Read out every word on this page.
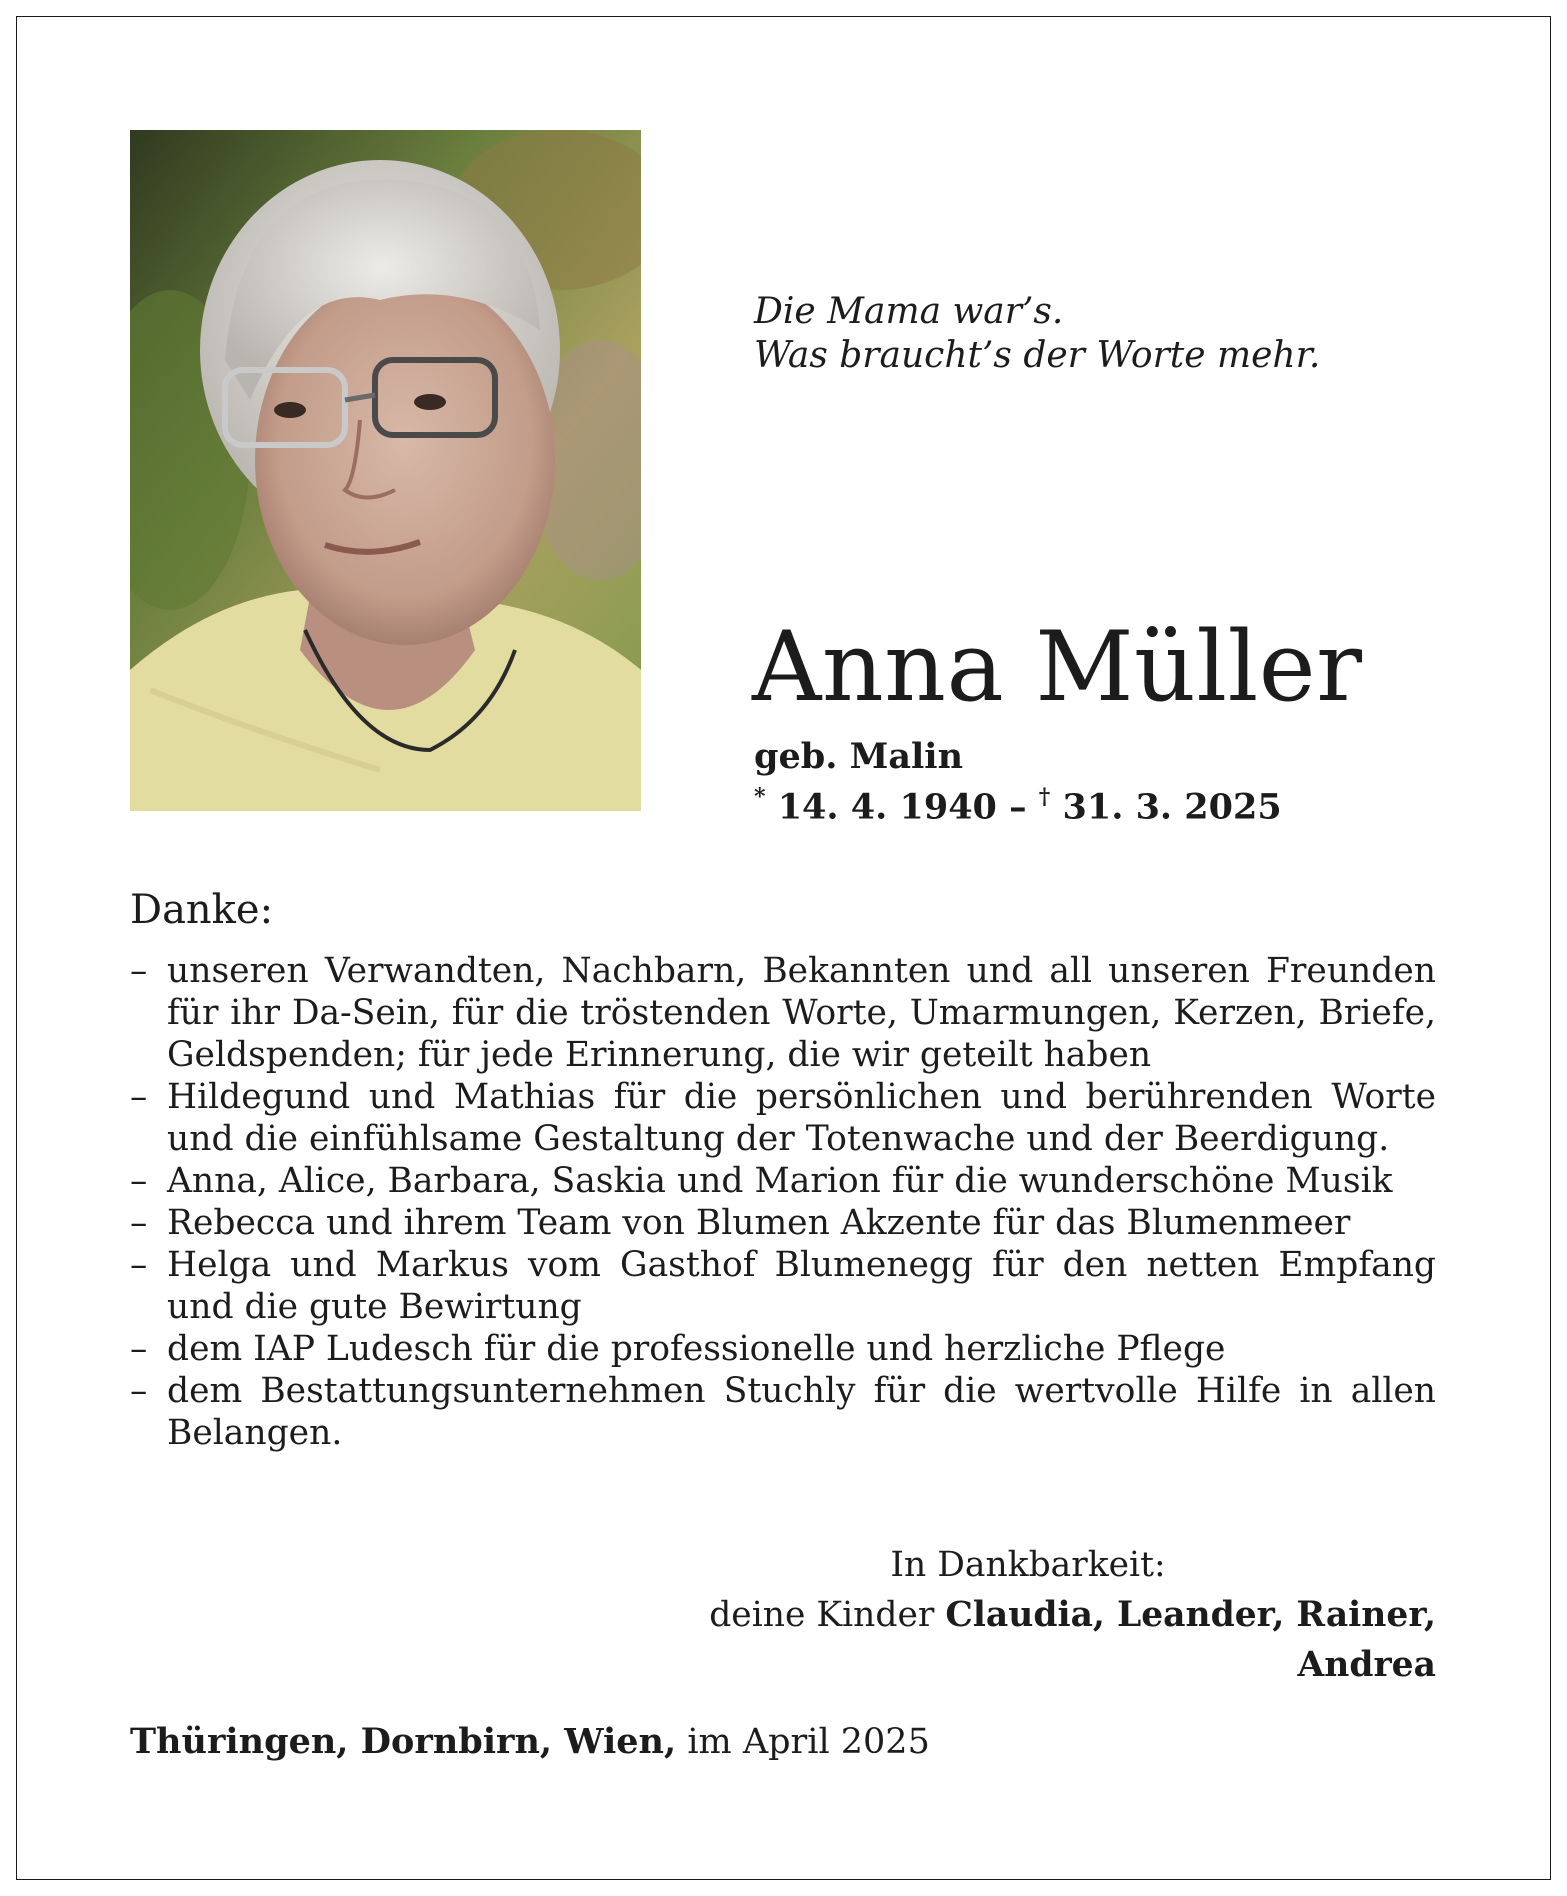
Die Mama war’s.
Was braucht’s der Worte mehr.
Anna Müller
geb. Malin
* 14. 4. 1940 – † 31. 3. 2025
Danke:
– unseren Verwandten, Nachbarn, Bekannten und all unseren Freunden für ihr Da-Sein, für die tröstenden Worte, Umarmungen, Kerzen, Briefe, Geldspenden; für jede Erinnerung, die wir geteilt haben
– Hildegund und Mathias für die persönlichen und berührenden Worte und die einfühlsame Gestaltung der Totenwache und der Beerdigung.
– Anna, Alice, Barbara, Saskia und Marion für die wunderschöne Musik
– Rebecca und ihrem Team von Blumen Akzente für das Blumenmeer
– Helga und Markus vom Gasthof Blumenegg für den netten Empfang und die gute Bewirtung
– dem IAP Ludesch für die professionelle und herzliche Pflege
– dem Bestattungsunternehmen Stuchly für die wertvolle Hilfe in allen Belangen.
In Dankbarkeit:
deine Kinder Claudia, Leander, Rainer, Andrea
Thüringen, Dornbirn, Wien, im April 2025
